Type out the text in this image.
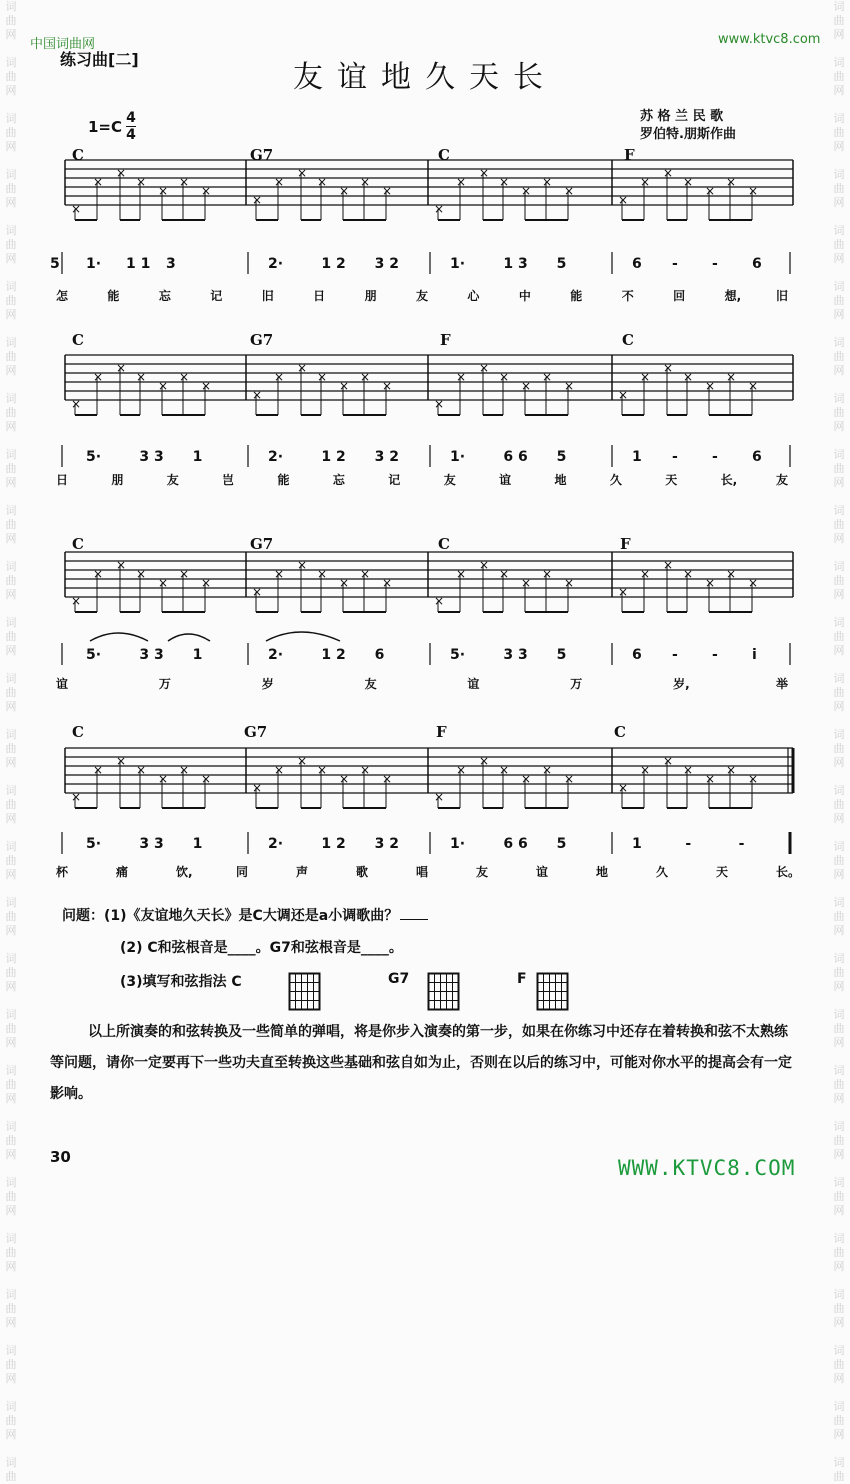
词
曲
网
词
曲
网
词
曲
网
词
曲
网
词
曲
网
词
曲
网
词
曲
网
词
曲
网
词
曲
网
词
曲
网
词
曲
网
词
曲
网
词
曲
网
词
曲
网
词
曲
网
词
曲
网
词
曲
网
词
曲
网
词
曲
网
词
曲
网
词
曲
网
词
曲
网
词
曲
网
词
曲
网
词
曲
网
词
曲
网
词
曲
词
曲
网
词
曲
网
词
曲
网
词
曲
网
词
曲
网
词
曲
网
词
曲
网
词
曲
网
词
曲
网
词
曲
网
词
曲
网
词
曲
网
词
曲
网
词
曲
网
词
曲
网
词
曲
网
词
曲
网
词
曲
网
词
曲
网
词
曲
网
词
曲
网
词
曲
网
词
曲
网
词
曲
网
词
曲
网
词
曲
网
词
曲
中国词曲网	www.ktvc8.com
练习曲[二]
友谊地久天长
苏 格 兰 民 歌
罗伯特.朋斯作曲
1=C 4
4
C	G7	C	F
×
×
×
×
×
×
×
×
×
×
×
×
×
×
×
×
×
×
×
×
×
×
×
×
×
×
×
×
5 1· 1 1 3	2·	1 2 3 2	1·	1 3 5	6 - - 6
怎	能	忘	记	旧	日	朋	友	心	中	能	不	回	想,	旧
C	G7	F	C
×
×
×
×
×
×
×
×
×
×
×
×
×
×
×
×
×
×
×
×
×
×
×
×
×
×
×
×
5·	3 3 1	2·	1 2 3 2	1·	6 6 5	1 - - 6
日	朋	友	岂	能	忘	记	友	谊	地	久	天	长,	友
C	G7	C	F
×
×
×
×
×
×
×
×
×
×
×
×
×
×
×
×
×
×
×
×
×
×
×
×
×
×
×
×
5·	3 3 1	2·	1 2 6	5·	3 3 5	6 - - i
谊	万	岁	友	谊	万	岁,	举
C	G7	F	C
×
×
×
×
×
×
×
×
×
×
×
×
×
×
×
×
×
×
×
×
×
×
×
×
×
×
×
×
5·	3 3 1	2·	1 2 3 2	1·	6 6 5	1	-	-
杯	痛	饮,	同	声	歌	唱	友	谊	地	久	天	长。
问题：(1)《友谊地久天长》是C大调还是a小调歌曲？
(2) C和弦根音是____。G7和弦根音是____。
(3)填写和弦指法 C	G7	F
以上所演奏的和弦转换及一些简单的弹唱，将是你步入演奏的第一步，如果在你练习中还存在着转换和弦不太熟练等问题，请你一定要再下一些功夫直至转换这些基础和弦自如为止，否则在以后的练习中，可能对你水平的提高会有一定影响。
30	WWW.KTVC8.COM
